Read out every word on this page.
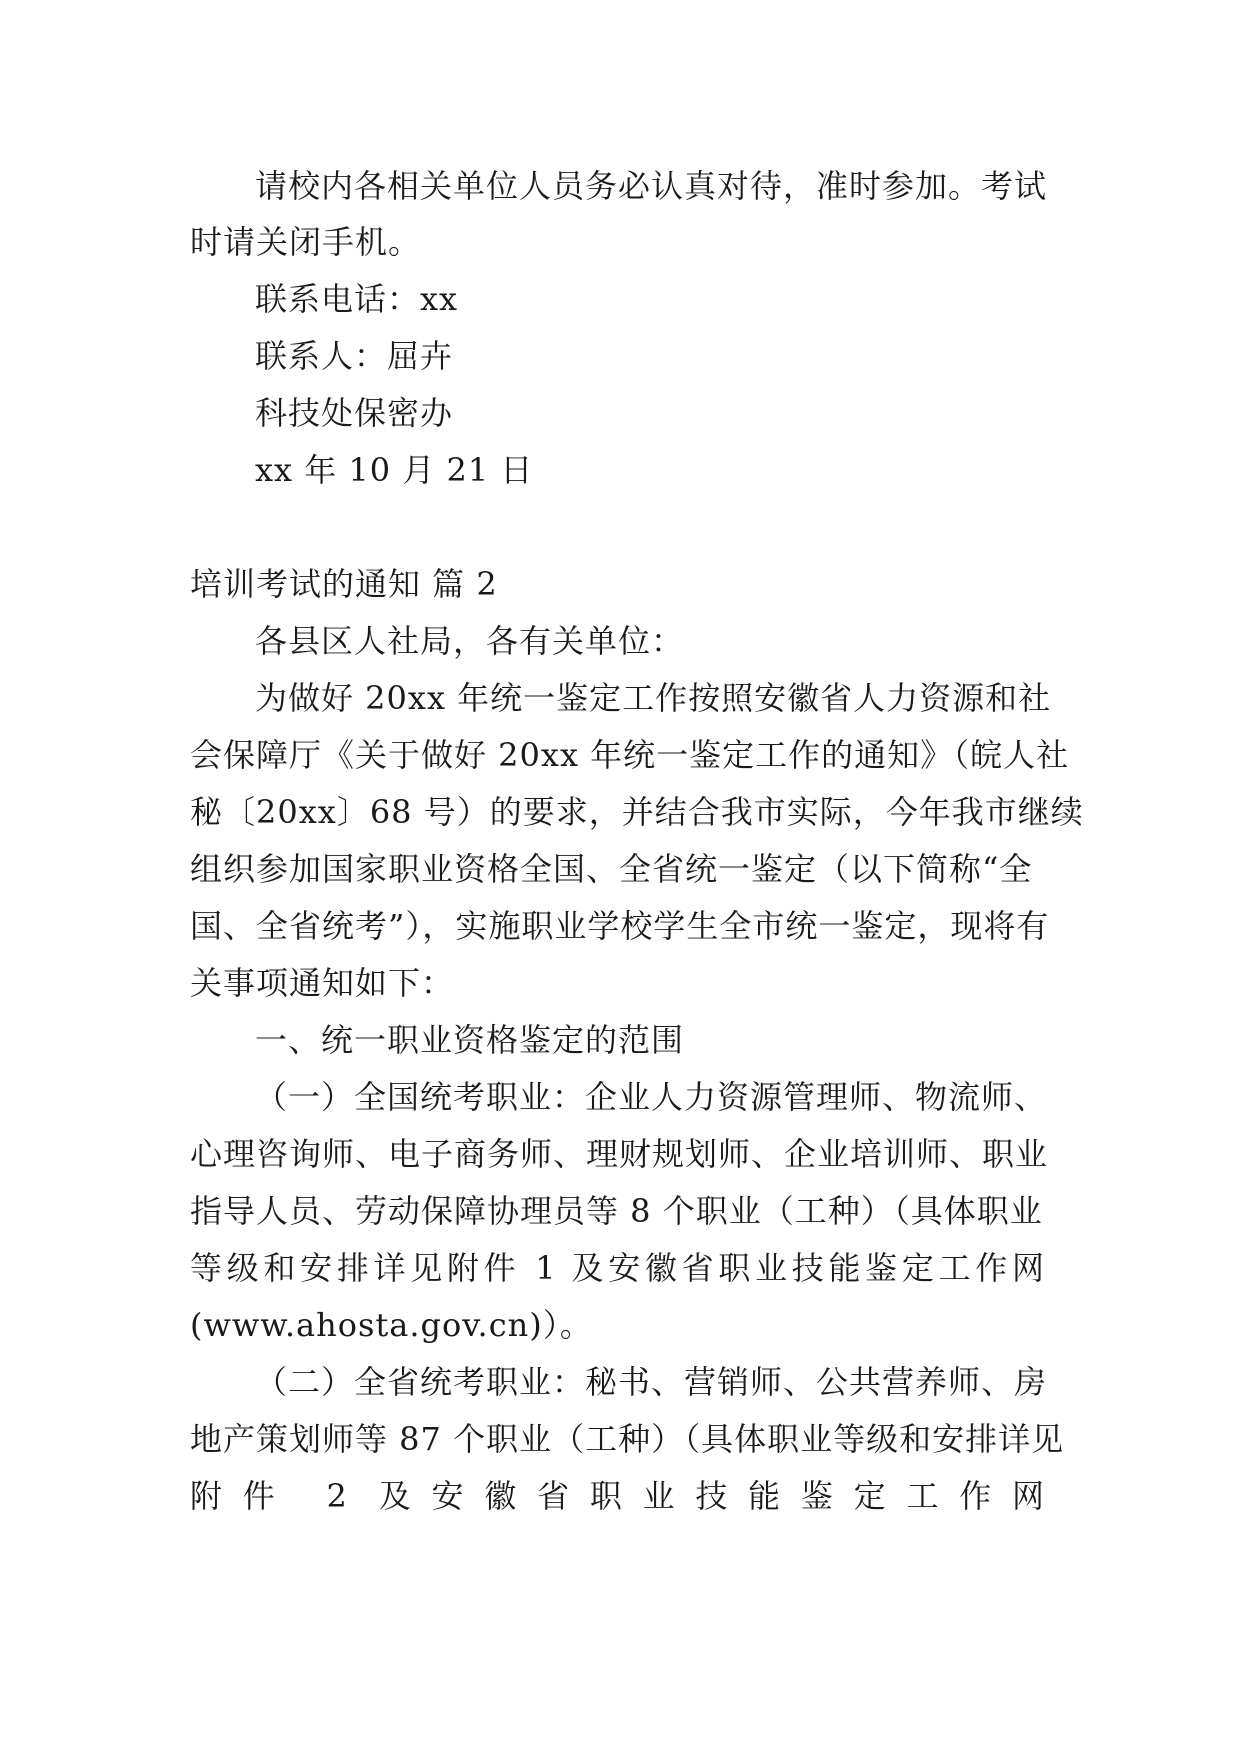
请校内各相关单位人员务必认真对待，准时参加。考试
时请关闭手机。
联系电话：xx
联系人：屈卉
科技处保密办
xx 年 10 月 21 日
培训考试的通知 篇 2
各县区人社局，各有关单位：
为做好 20xx 年统一鉴定工作按照安徽省人力资源和社
会保障厅《关于做好 20xx 年统一鉴定工作的通知》（皖人社
秘〔20xx〕68 号）的要求，并结合我市实际，今年我市继续
组织参加国家职业资格全国、全省统一鉴定（以下简称“全
国、全省统考”），实施职业学校学生全市统一鉴定，现将有
关事项通知如下：
一、统一职业资格鉴定的范围
（一）全国统考职业：企业人力资源管理师、物流师、
心理咨询师、电子商务师、理财规划师、企业培训师、职业
指导人员、劳动保障协理员等 8 个职业（工种）（具体职业
等级和安排详见附件 1 及安徽省职业技能鉴定工作网
(www.ahosta.gov.cn)）。
（二）全省统考职业：秘书、营销师、公共营养师、房
地产策划师等 87 个职业（工种）（具体职业等级和安排详见
附件 2 及安徽省职业技能鉴定工作网
